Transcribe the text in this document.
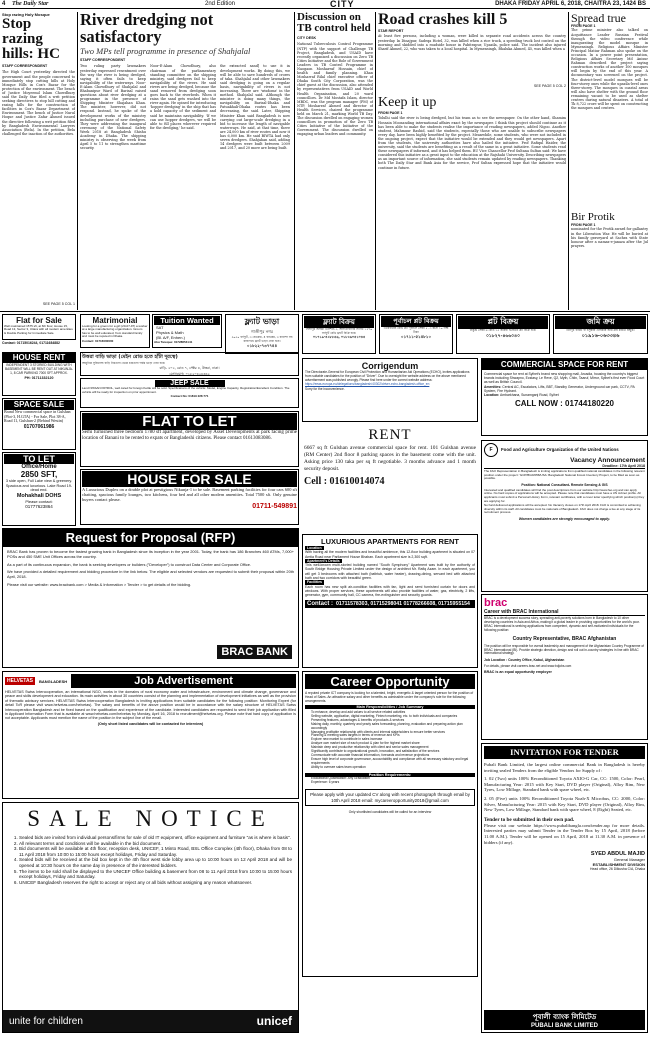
4 The Daily Star	2nd Edition	CITY	DHAKA FRIDAY APRIL 6, 2018, CHAITRA 23, 1424 BS
Stop razing Holy Mosque
Stop razing hills: HC
STAFF CORRESPONDENT
The High Court yesterday directed the government and the people concerned to immediately stop cutting hills at Holy Mosque Hills in Cox's Bazar for the protection of the environment. The bench of Justice Moyeenul Islam Chowdhury said the Daily Star filed a writ petition seeking directives to stop hill cutting and razing hills for the construction of facilities in Cox's Bazar Department of Environment. The bench of Justice Nurul Hoque and Justice Zafar Ahmed issued the directive following a writ petition filed by Bangladesh Environmental Lawyers Association (Bela). In the petition, Bela challenged the inaction of the authorities.
SEE PAGE 5 COL 1
River dredging not satisfactory
Two MPs tell programme in presence of Shahjalal
STAFF CORRESPONDENT
Two ruling party lawmakers yesterday expressed resentment over the way the river is being dredged, saying it often fails to keep navigability of the waterways. Noor-E-Alam Chowdhury of Shahjalal and Bhabanipur Ward of Barisal raised questions about river dredging at a programme in the presence of Shipping Minister Shajahan Khan. The minister, however, did not respond. Instead, he spoke of the development works of the ministry including purchase of new dredgers. They were addressing the inaugural ceremony of the National Safety Week 2018 at Bangladesh Shishu Academy in Dhaka. The shipping ministry is observing the week from April 5 to 11 to strengthen maritime security.
Noor-E-Alam Chowdhury, also chairman of the parliamentary standing committee on the shipping ministry, said dredgers fail to keep navigability of the rivers. He said rivers are being dredged, because the sand removed from dredging soon goes back to the riverbeds. When it rains the sand gets washed into the river again. He opined for introducing 'hopper dredging' in the ship that has a hold capacity of the sediment and said he maintains navigability. 'If we can use hopper dredgers, we will be able to fill places wherever required for the dredging,' he said.
the extracted sand] to use it in development works. By doing this, we will be able to save hundreds of crores of taka. Shahjalal and other lawmakers said dredging is going on a regular basis, navigability of rivers is not increasing. There are 'wisdoms' in the method. Shahjalal said. Although the minister is doing many things, the navigability on Barisal-Dhaka and Patuakhali-Dhaka routes has been decreasing, the said. Later, Shipping Minister Khan said Bangladesh is now carrying out large-scale dredging in a bid to increase the length of navigable waterways. He said, at that time, there are 24,000 km of river routes and now it has 6,000 km. He said BIWTA had only seven dredgers. Shahjahan said, adding 14 dredgers were built between 2009 and 2017, and 20 more are being built.
Discussion on TB control held
CITY DESK
National Tuberculosis Control Programme (NTP) with the support of Challenge TB Project, Bangladesh, and USAID have recently organised a discussion on Zero TB Cities Initiative and the Role of Government Leaders in TB Control Programme in Naogaon Mosharraf Hossain, chief of health and family planning. Khan Mosharraf Rilal chief executive officer of Dhaka South City Corporation, was the chief guest at the discussion, also attended by representatives from USAID and World Health Organisation, and 20 ward councillors. Dr Md Mostafa Islam, director MBDC, was the program manager (PM) of NTP, Mosharraf Ahmed and director of Health Services, chaired the programme held on March 21, marking World TB Day. The discussion dwelled on engaging women councillors in promotion of the Zero TB Cities Initiative of the Initiative of the Government. The discussion dwelled on engaging urban leaders and community.
Road crashes kill 5
STAR REPORT
At least five persons, including a woman, were killed in separate road accidents across the country yesterday. In Dinajpur, Sadeqa Hotel, 32, was killed when a rice truck, a speeding truck lost control on the morning and skidded into a roadside house in Pabitrapur, Upazila, police said. The incident also injured Sharif Ahmed, 22, who was taken to a local hospital. In Mymensingh, Bhaluka Ahmed, 45, was killed when a
SEE PAGE 5 COL 2
Keep it up
FROM PAGE 1
Tolulhi said the river is being dredged, but his team as to see the newspaper. On the other hand, Shamim Hossain Moosanding international affairs exact by the newspaper. I think this project should continue as it has been able to make the students realise the importance of reading newspapers, added Nigoo. Another student, Mahmuur Rashid, said the students, especially those who are unable to subscribe newspapers every day, have been highly benefited by the project. Meanwhile, some students, who were not included in the ongoing project, expect that the initiative would be extended and they would get newspapers. Apart from the students, the university authorities have also hailed the initiative. Prof Rafiqul Haider, the university, said the students are benefiting as a result of the same in a great initiative. Some students read these newspapers if informed, and it has helped them. RU Vice Chancellor Prof Sultana Sultan said: We have considered this initiative as a great input to the education at the Rajshahi University. Describing newspapers as an important source of information, she said students remain updated by reading newspapers. Thanking both The Daily Star and Bank Asia for the service, Prof Sultan expressed hope that the initiative would continue in future.
Spread true
FROM PAGE 1
The prime minister also talked on Acquittance Leader Russian Festival through the video conference while inaugurating the model mosque in Mymensingh. Religious Affairs Minister Principal Matiur Rahman also spoke on the occasion. In a power point presentation, Religious Affairs Secretary Md Anisur Rahman described the project saying construction works of another 100 mosques will begin by the end of this year. A documentary was screened on the project. The district-level model mosques will be four-storey ones while the upazila-level ones three-storey. The mosques in coastal areas will also have shelter with the ground floor remaining vacant to be used as shelter centres during natural disasters. A total of Tk 8,722 crore will be spent on constructing the mosques and centres.
Bir Protik
FROM PAGE 1
nominated for the Protik award for gallantry in the Liberation War. He will be buried at his family graveyard at Sachra with State honour after a namaz-e-janaza after the Jul prayers.
Flat for Sale
Well maintained 1575 sft, at 6th floor, House 15, Road 13, Sector 3, Uttara with all modern amenities & Double Parking for Immediate Sale.
Contact: 01715016244, 01711684882
Matrimonial
Looking for a groom for a girl (20-07-97) a worker at a large manufacturing organization. Groom has to be well educated, from standard family and must be reputed in Dhaka.
Contact: 01716000000
Tuition Wanted
SAT
Physics & Math
(Bl. A/F, Enhen.)
Abu Tareque: 01728854141
ফ্ল্যাট ভাড়া
গাজীপুর নগর
২০৫০ বর্গফুট, ৩ বেডরুম, ৪ বাথরুম, ৩ বারান্দা সহ রাজপথে ফ্ল্যাট ভাড়া দেয়া হবে।
০১৮২২-৭৩৭৭৪৪
ফ্ল্যাট বিক্রয়
সিঙ্গাপুর অসামী গুলশান-১, আফতাবনগর সংলগ্ন ১২৭০ বর্গফুট রেডি ফ্ল্যাট বিক্রি হবে।
০১৭১৯-৪২৮৮৫৬, ০১৮২৬০৪১০৪৪
পূর্বাচল প্লট বিক্রয়
একেবারেই রেডি প্লট পূর্বাচল সেক্টর ৫, ৩ কাঠা ১০ লক্ষ টাকা
০১৭১১-৫১৪৮১০
প্লট বিক্রয়
নিকুঞ্জ সেক্টর ৬ রোড ১৫ জরুরী ভিত্তিতে প্লট বিক্রি হবে।
০১৮২৭-৪৬৬০৪০
জমি ক্রয়
মিরপুর বাড্ডা বা বসুন্ধরা এলাকায় জমি ক্রয় করতে ইচ্ছুক।
০১৯১৬-০৬৩৩৪৬
HOUSE RENT
INDEPENDENT 3 STORIED BUILDING WITH BASEMENT WILL BE RENT OUT AT NIKUNJA-1, 8 CAR PARKING 7000 SFT APPROX.
PH: 01711332120
উত্তরা বাড়ি ভাড়া (মেইন রোড হতে হাঁটা দূরত্বে)
আধুনিক সুবিধাসহ বাড়ি নিচতলা থেকে চারতলা পর্যন্ত ভাড়া দেয়া হবে।
বাড়ি- ২০২, রোড ৭, সেক্টর ৪, উত্তরা, ঢাকা।
যোগাযোগ: ০১৮২০৪২৪৩৪২
JEEP SALE
Land NISSAN PATROL, well cared for foreign Kettle will be sold. Specifications of the vehicle: Model, Engine Capacity, Registration/Excellent Condition. The vehicle will be ready for inspection on prior appointment.
Contact No: 01819 228 771
SPACE SALE
Brand New commercial space in Gulshan (Plot-3, H.GTA) - For Sale, Plot 38-A, Road 11, Gulshan-2 (Behind Westin)
01707061986
Corrigendum
The Directorate-General for European Civil Protection and Humanitarian Aid Operations (ECHO), invites applications from suitable candidates for the position of "Driver". Due to oversight the website address on the above mentioned advertisement was published wrongly. Please find here under the correct website address:
https://eeas.europa.eu/delegations/bangladesh/40302/driver-echo-bangladesh-office_en
Sorry for the inconvenience.
COMMERCIAL SPACE FOR RENT
Commercial space for rent at Sylhet's brand new shopping mall, Arcadia, housing the country's biggest brands including Shwapno, Ecstasy, Le Reve, Q2, Myth, Chiin, Taaruf, Mirror, Sylhet's first ever Food Court as well as British Council.
Amenities: Central AC, Escalators, Lifts, BBT, Standby Generator, Underground car park, CCTV, PA System, Fire Hydrant.
Location: Ambarkhana, Sunamganj Road, Sylhet
CALL NOW : 01744180220
TO LET
Office/Home
2850 SFT,
3 side open, Full Lake view & greenery. Spacious and luxurious. Lake Road 19-dead end.
Mohakhali DOHS
Please contact:
01777623864
FLAT TO LET
Semi furnished three bedroom 1780 sft apartment, developed by Asset Developments at park facing prime location of Banani to be rented to expats or Bangladeshi citizens. Please contact 01613083086.
HOUSE FOR SALE
A Luxurious Duplex on a double plot at prestigious Nikunja-1 to be sale. Basement parking facilities for four cars 600 sft chatting, spacious family lounges, two kitchens, four bed and all other modern amenities. Total 7500 sft. Only genuine buyers contact please.
01711-549891
RENT
6667 sq ft Gulshan avenue commercial space for rent. 101 Gulshan avenue (RM Center) 2nd floor 8 parking spaces in the basement come with the unit. Asking price 130 taka per sq ft negotiable. 3 months advance and 1 month security deposit.
Cell : 01610014074
F	Food and Agriculture Organization of the United Nations
Vacancy Announcement
Deadline: 17th April 2018
The FAO Representation in Bangladesh is inviting applications from qualified national candidates in the following relevant position under the project: 'GCP/BGD/058/USA: Bangladesh National Forest Inventory Project, to be filled as soon as possible.
Position: National Consultant- Remote Sensing & GIS
Interested and qualified candidates will find the post descriptions from our website http://www.fao.org and can apply online. No hard copies of applications will be accepted. Please note that candidates must have a UN Jobnet profile. All applicants must submit a Personal History Form, relevant certificates, with a cover letter specifying which position(s) they are applying for.
No hard delivered applications will be accepted. No Vacancy closes on 17th April 2018. FAO is committed to achieving diversity within its staff. All candidates must be nationals of Bangladesh. FAO does not charge a fee at any stage of its recruitment process.
Women candidates are strongly encouraged to apply.
Request for Proposal (RFP)

BRAC Bank has proven to become the fastest growing bank in Bangladesh since its inception in the year 2001. Today, the bank has 186 Branches 460 ATMs, 7,000+ POSs and 450 SME Unit Offices across the country.

As a part of its continuous expansion, the bank is seeking developers or builders ("Developer") to construct Data Center and Corporate Office.

We have provided a detailed requirement and bidding procedure in the link below. The eligible and selected vendors are requested to submit their proposal within 20th April, 2018.

Please visit our website: www.bracbank.com > Media & Information > Tender > to get details of the bidding.

BRAC BANK
LUXURIOUS APARTMENTS FOR RENT
Location

With having all the modern facilities and beautiful ambience, this 12-floor building apartment is situated on 07 Amtia Road near Parliament House Bhaban. Each apartment size is 2,300 sqft.

Apartment's Details

This well-known multi-storied building named "South Symphony" Apartment was built by the authority of South Bridge Housing Private Limited under the design of architect Mr. Rafiq Azam. In each apartment, you will get 3 bedrooms with attached bath (bathtub, water heater), drawing-dining, servant bed with attached bath and two corridors with beautiful green.

Facilities

Each room has new split air-condition facilities with fan, light and semi furnished curtain for doors and windows. With proper services, these apartments will also provide facilities of water, gas, electricity, 2 lifts, generator, gym, community hall, CC camera, fire-extinguisher and security guards.

Contact : 01711578303, 01715298041 01778266608, 01715955154 brac
Career with BRAC International
BRAC is a development success story, spreading anti-poverty solutions born in Bangladesh to 10 other developing countries in Asia and Africa, making it a global leader in providing opportunities for the world's poor. BRAC International is seeking applications from competent, dynamic and self-motivated individuals for the following position:
Country Representative, BRAC Afghanistan
The position will be responsible for overall leadership and management of the Afghanistan Country Programme of BRAC International (BI). Provide strategic direction, design and roll out in-country strategies in line with BRAC International strategy.
Job Location : Country Office, Kabul, Afghanistan
For details, please visit careers.brac.net and www.bdjobs.com
BRAC is an equal opportunity employer
HELVETAS	BANGLADESH	Job Advertisement
HELVETAS Swiss Intercooperation, an international NGO, works in the domains of rural economy water and infrastructure, environment and climate change, governance and peace and skills development and education. Its main activities in about 30 countries consist of the planning and implementation of development initiatives as well as the provision of thematic advisory services. HELVETAS Swiss Intercooperation Bangladesh is inviting applications from suitable candidates for the following position: Monitoring Expert (for detail ToR please visit www.helvetas.com/helvetas). The salary and benefits of the above position would be in accordance with the salary structure of HELVETAS Swiss Intercooperation Bangladesh and be fixed based on the qualification and experience of the candidate. Interested candidates are requested to send their job application with filled in Applicant Information Form that is available at www.helvetas.com/helvetas by Monday, April 16, 2018 to recruitment@helvetas.org. Please note that hard copy of application is not acceptable. Applicants must mention the name of the position in the subject line of the email.
(Only short listed candidates will be contacted for interview)
Career Opportunity
A reputed private ICT company is looking for a talented, bright, energetic & target oriented person for the position of Head of Sales. An attractive salary and other benefits as admissible under the company's rule for the following arrangements.
Main Responsibilities / Job Summary
• To enhance, develop and add values to all service related activities
• Selling website, application, digital marketing, Fintech marketing, etc. to both individuals and companies
• Presenting features, advantages & benefits of products & services
• Making daily, monthly, quarterly and yearly sales forecasting, planning, evaluation and preparing action plan accordingly
• Managing profitable relationship with clients and internal stakeholders to ensure better services
• Planning & meeting sales targets in terms of revenue and KPIs
• Explore new market to contribute in sales increase
• Analyze own market size of each product & plan for the highest market share
• Maintain deep and productive relationship with client and senior sales management
• Significantly contribute to organizational growth, innovation, and satisfaction of the services
• Communicate with accurate financial information, forecasts and revenue projections
• Ensure high level of corporate governance, accountability and compliance with all necessary statutory and legal requirements
• Ability to oversee sales team operation
Position Requirements:
• Educational Qualification: Any Graduation
• Experience: 6 years
Please apply with your updated CV along with recent photograph through email by 10th April 2018 email: mycareeropportunity2018@gmail.com
Only shortlisted candidates will be called for an interview
INVITATION FOR TENDER
Pubali Bank Limited, the largest online commercial Bank in Bangladesh is hereby inviting sealed Tenders from the eligible Vendors for Supply of :

1. 02 (Two) units 100% Reconditioned Toyota AXIO-G Car, CC: 1500, Color: Pearl, Manufacturing Year: 2015 with Key Start, DVD player (Original), Alloy Rim, New Tyres, Low Millage, Standard bank with spare wheel, etc.

2. 05 (Five) units 100% Reconditioned Toyota Noah-X Microbus, CC: 2000, Color: Silver, Manufacturing Year: 2015 with Key Start, DVD player (Original), Alloy Rim, New Tyres, Low Millage, Standard bank with spare wheel, 8 (Eight) Seated, etc.

Tender to be submitted in their own pad.
Please visit our website https://www.pubalibangla.com/tender.asp for more details. Interested parties may submit Tender in the Tender Box by 15 April, 2018 (before 11.00 A.M.). Tender will be opened on 15 April, 2018 at 11.30 A.M. in presence of bidders (if any).
SYED ABDUL MAJID
General Manager
ESTABLISHMENT DIVISION
Head office, 26 Dilkusha C/A, Dhaka
পূবালী ব্যাংক লিমিটেড
PUBALI BANK LIMITED
SALE NOTICE
1. Sealed bids are invited from individual persons/firms for sale of old IT equipment, office equipment and furniture "as is where is basis".
2. All relevant terms and conditions will be available in the bid document.
3. Bid documents will be available at 4th floor, reception desk, UNICEF, 1 Minto Road, BSL Office Complex (4th floor), Dhaka from 08 to 11 April 2018 from 10:00 to 15:00 hours except holidays, Friday and Saturday.
4. Sealed bids will be received at the bid box kept in the 4th floor west side lobby area up to 10:00 hours on 12 April 2018 and will be opened at 10:30 hours on the same day in presence of the interested bidders.
5. The items to be sold shall be displayed to the UNICEF Office building & basement from 08 to 11 April 2018 from 10:00 to 15:00 hours except holidays, Friday and Saturday.
6. UNICEF Bangladesh reserves the right to accept or reject any or all bids without assigning any reason whatsoever.
unite for children	unicef
